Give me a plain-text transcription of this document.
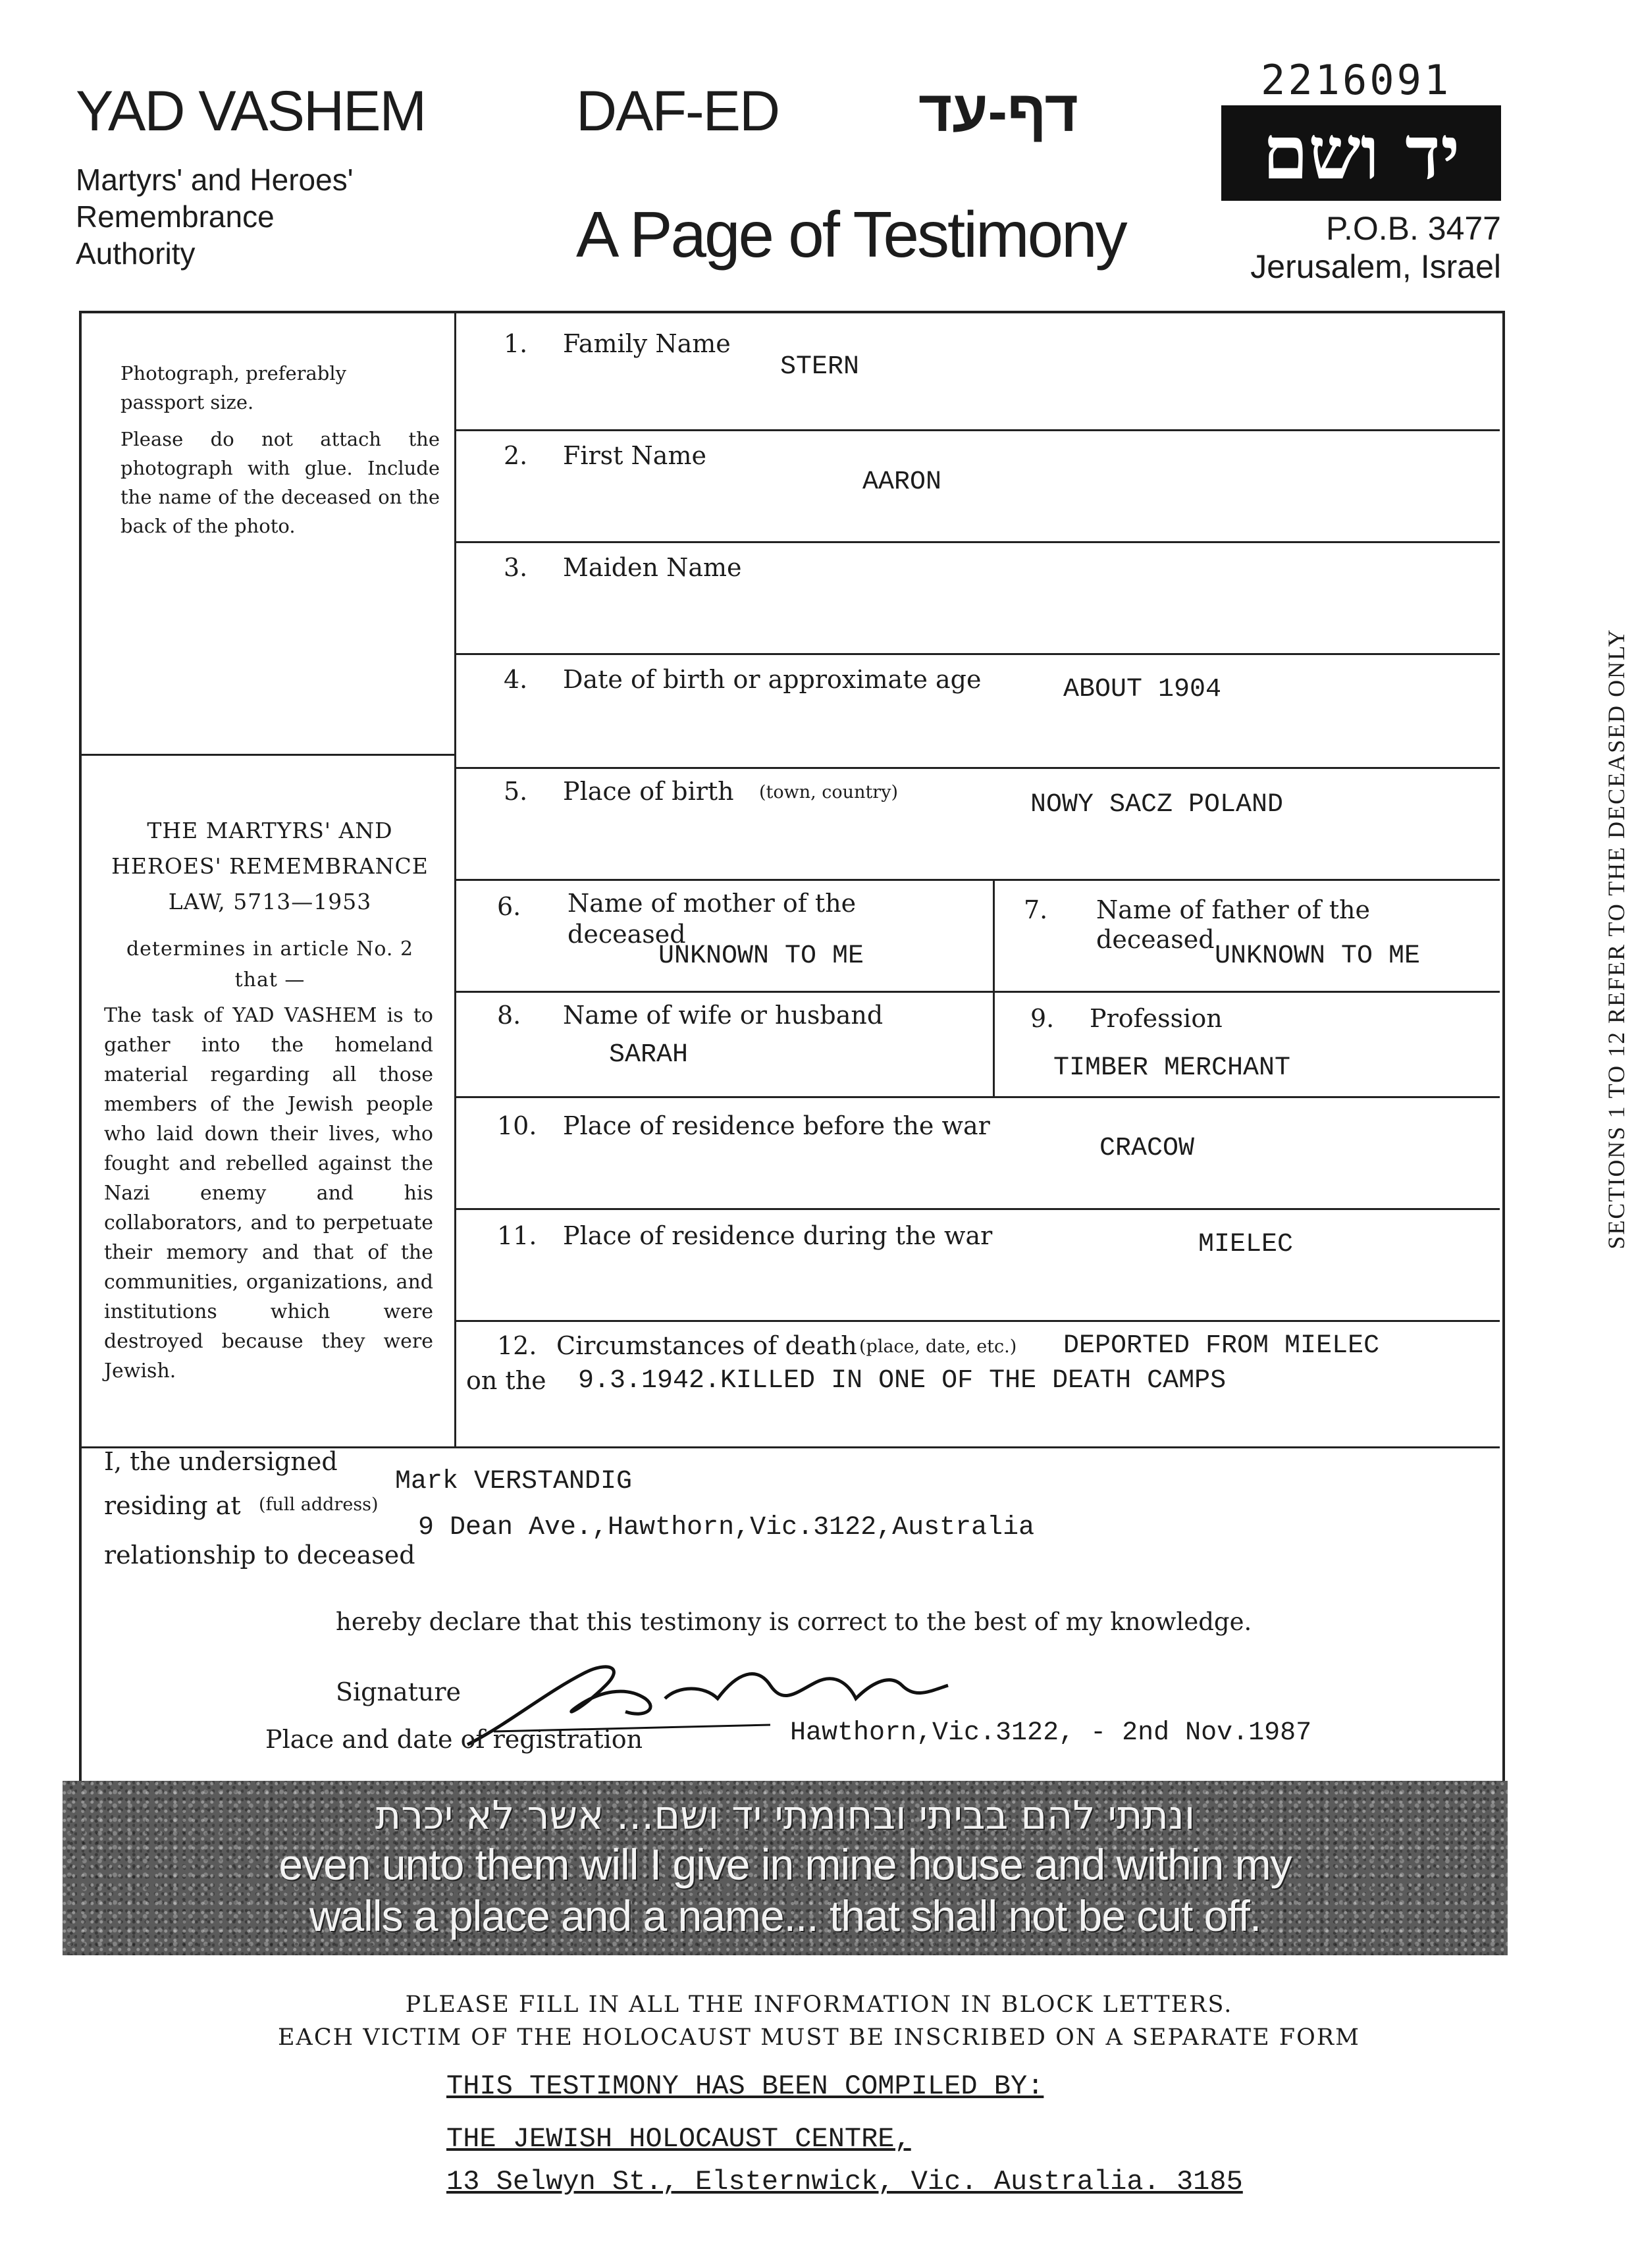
YAD VASHEM
Martyrs' and Heroes'
Remembrance
Authority
DAF-ED דף-עד
A Page of Testimony
2216091
יד ושם
P.O.B. 3477
Jerusalem, Israel
Photograph, preferably passport size.
Please do not attach the photograph with glue. Include the name of the deceased on the back of the photo.
THE MARTYRS' AND
HEROES' REMEMBRANCE
LAW, 5713—1953
determines in article No. 2
that —
The task of YAD VASHEM is to gather into the homeland material regarding all those members of the Jewish people who laid down their lives, who fought and rebelled against the Nazi enemy and his collaborators, and to perpetuate their memory and that of the communities, organizations, and institutions which were destroyed because they were Jewish.
1. Family Name
STERN
2. First Name
AARON
3. Maiden Name
4. Date of birth or approximate age	ABOUT 1904
5. Place of birth (town, country)	NOWY SACZ POLAND
6. Name of mother of the
deceased
UNKNOWN TO ME
7. Name of father of the
deceased
UNKNOWN TO ME
8. Name of wife or husband
SARAH
9. Profession
TIMBER MERCHANT
10. Place of residence before the war
CRACOW
11. Place of residence during the war	MIELEC
12. Circumstances of death (place, date, etc.) DEPORTED FROM MIELEC
on the 9.3.1942.KILLED IN ONE OF THE DEATH CAMPS
SECTIONS 1 TO 12 REFER TO THE DECEASED ONLY
I, the undersigned
Mark VERSTANDIG
residing at (full address)
9 Dean Ave.,Hawthorn,Vic.3122,Australia
relationship to deceased
hereby declare that this testimony is correct to the best of my knowledge.
Signature
Place and date of registration	Hawthorn,Vic.3122, - 2nd Nov.1987
ונתתי להם בביתי ובחומתי יד ושם... אשר לא יכרת
even unto them will I give in mine house and within my
walls a place and a name... that shall not be cut off.
PLEASE FILL IN ALL THE INFORMATION IN BLOCK LETTERS.
EACH VICTIM OF THE HOLOCAUST MUST BE INSCRIBED ON A SEPARATE FORM
THIS TESTIMONY HAS BEEN COMPILED BY:
THE JEWISH HOLOCAUST CENTRE,
13 Selwyn St., Elsternwick, Vic. Australia. 3185
